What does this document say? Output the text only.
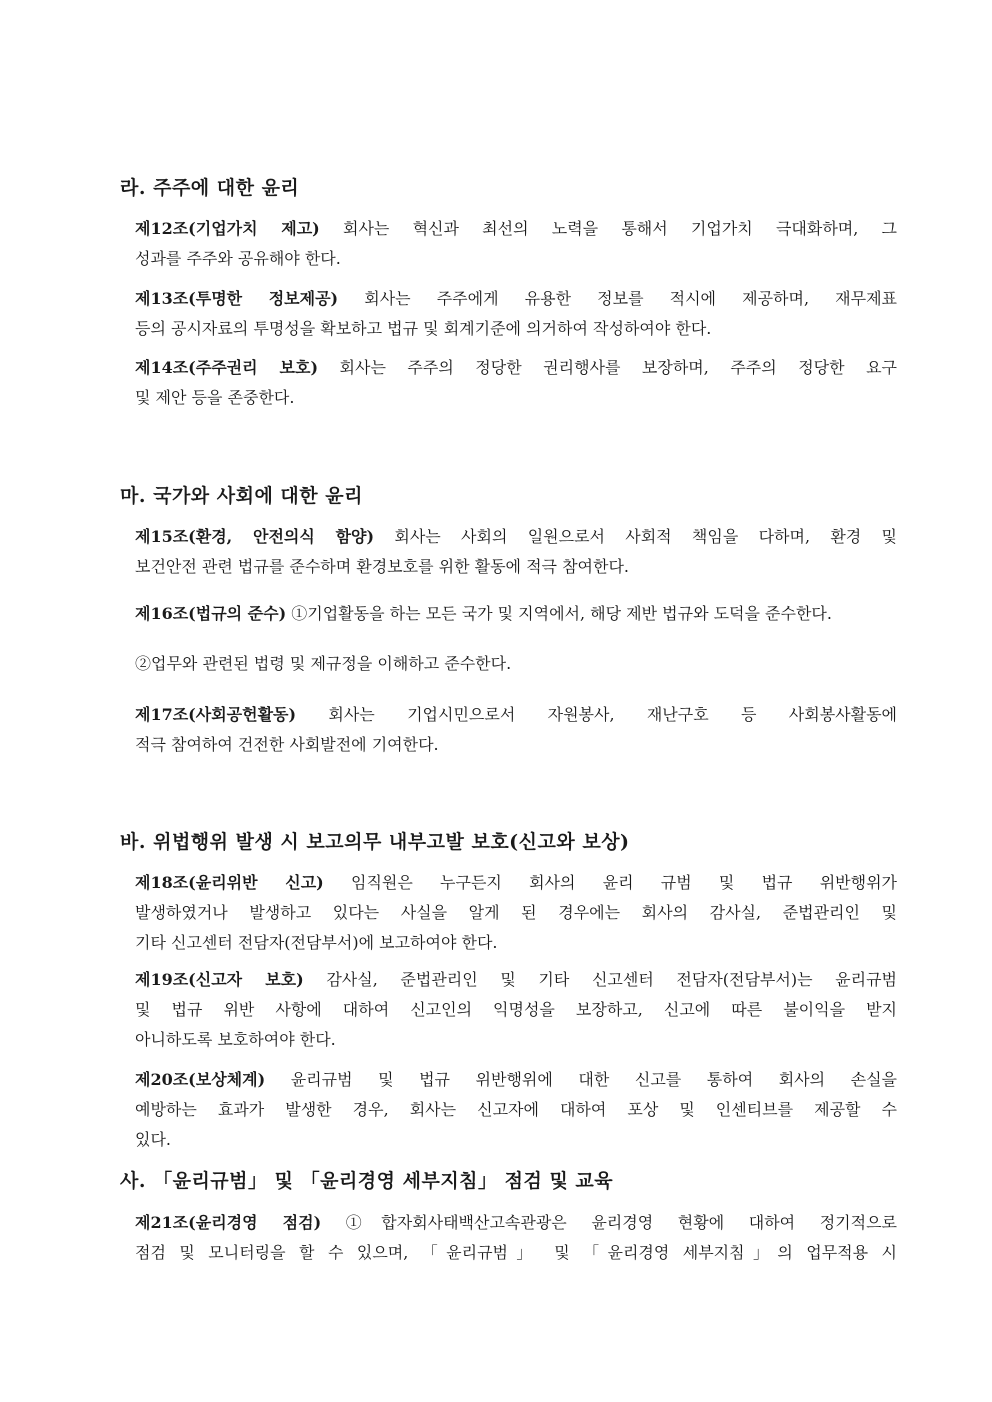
라. 주주에 대한 윤리
제12조(기업가치 제고) 회사는 혁신과 최선의 노력을 통해서 기업가치 극대화하며, 그
성과를 주주와 공유해야 한다.
제13조(투명한 정보제공) 회사는 주주에게 유용한 정보를 적시에 제공하며, 재무제표
등의 공시자료의 투명성을 확보하고 법규 및 회계기준에 의거하여 작성하여야 한다.
제14조(주주권리 보호) 회사는 주주의 정당한 권리행사를 보장하며, 주주의 정당한 요구
및 제안 등을 존중한다.
마. 국가와 사회에 대한 윤리
제15조(환경, 안전의식 함양) 회사는 사회의 일원으로서 사회적 책임을 다하며, 환경 및
보건안전 관련 법규를 준수하며 환경보호를 위한 활동에 적극 참여한다.
제16조(법규의 준수) ①기업활동을 하는 모든 국가 및 지역에서, 해당 제반 법규와 도덕을 준수한다.
②업무와 관련된 법령 및 제규정을 이해하고 준수한다.
제17조(사회공헌활동) 회사는 기업시민으로서 자원봉사, 재난구호 등 사회봉사활동에
적극 참여하여 건전한 사회발전에 기여한다.
바. 위법행위 발생 시 보고의무 내부고발 보호(신고와 보상)
제18조(윤리위반 신고) 임직원은 누구든지 회사의 윤리 규범 및 법규 위반행위가
발생하였거나 발생하고 있다는 사실을 알게 된 경우에는 회사의 감사실, 준법관리인 및
기타 신고센터 전담자(전담부서)에 보고하여야 한다.
제19조(신고자 보호) 감사실, 준법관리인 및 기타 신고센터 전담자(전담부서)는 윤리규범
및 법규 위반 사항에 대하여 신고인의 익명성을 보장하고, 신고에 따른 불이익을 받지
아니하도록 보호하여야 한다.
제20조(보상체계) 윤리규범 및 법규 위반행위에 대한 신고를 통하여 회사의 손실을
예방하는 효과가 발생한 경우, 회사는 신고자에 대하여 포상 및 인센티브를 제공할 수
있다.
사. 「윤리규범」 및 「윤리경영 세부지침」 점검 및 교육
제21조(윤리경영 점검) ①합자회사태백산고속관광은 윤리경영 현황에 대하여 정기적으로
점검 및 모니터링을 할 수 있으며, 「윤리규범」 및 「윤리경영 세부지침」의 업무적용 시
